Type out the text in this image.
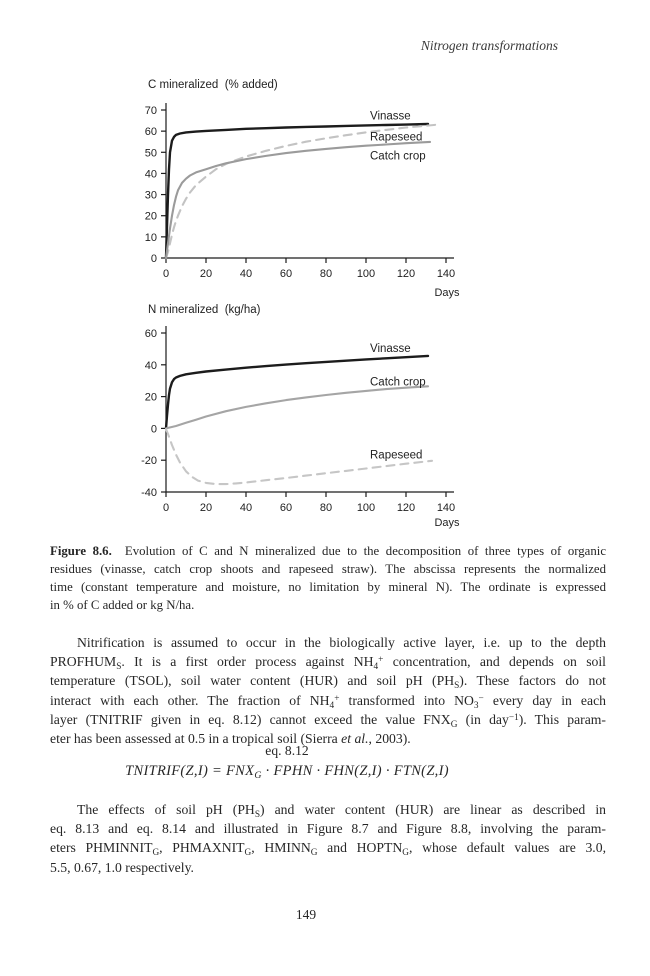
Nitrogen transformations
C mineralized  (% added)
0
10
20
30
40
50
60
70
0	20	40	60	80 100 120 140
Days
Vinasse
Rapeseed
Catch crop
N mineralized  (kg/ha)
-40
-20
0
20
40
60
0	20	40	60	80 100 120 140
Days
Vinasse
Catch crop
Rapeseed
Figure 8.6.  Evolution of C and N mineralized due to the decomposition of three types of organic
residues (vinasse, catch crop shoots and rapeseed straw). The abscissa represents the normalized
time (constant temperature and moisture, no limitation by mineral N). The ordinate is expressed
in % of C added or kg N/ha.
Nitrification is assumed to occur in the biologically active layer, i.e. up to the depth
$PROFHUM_S$. It is a first order process against $NH_4^+$ concentration, and depends on soil
temperature (TSOL), soil water content (HUR) and soil pH $(PH_S)$. These factors do not
interact with each other. The fraction of $NH_4^+$ transformed into $NO_3^-$ every day in each
layer (TNITRIF given in eq. 8.12) cannot exceed the value $FNX_G$ (in day$^{-1}$). This param-
eter has been assessed at 0.5 in a tropical soil (Sierra et al., 2003).
eq. 8.12
TNITRIF(Z,I) = $FNX_G$ · FPHN · FHN(Z,I) · FTN(Z,I)
The effects of soil pH $(PH_S)$ and water content (HUR) are linear as described in
eq. 8.13 and eq. 8.14 and illustrated in Figure 8.7 and Figure 8.8, involving the param-
eters $PHMINNIT_G$, $PHMAXNIT_G$, $HMINN_G$ and $HOPTN_G$, whose default values are 3.0,
5.5, 0.67, 1.0 respectively.
149
